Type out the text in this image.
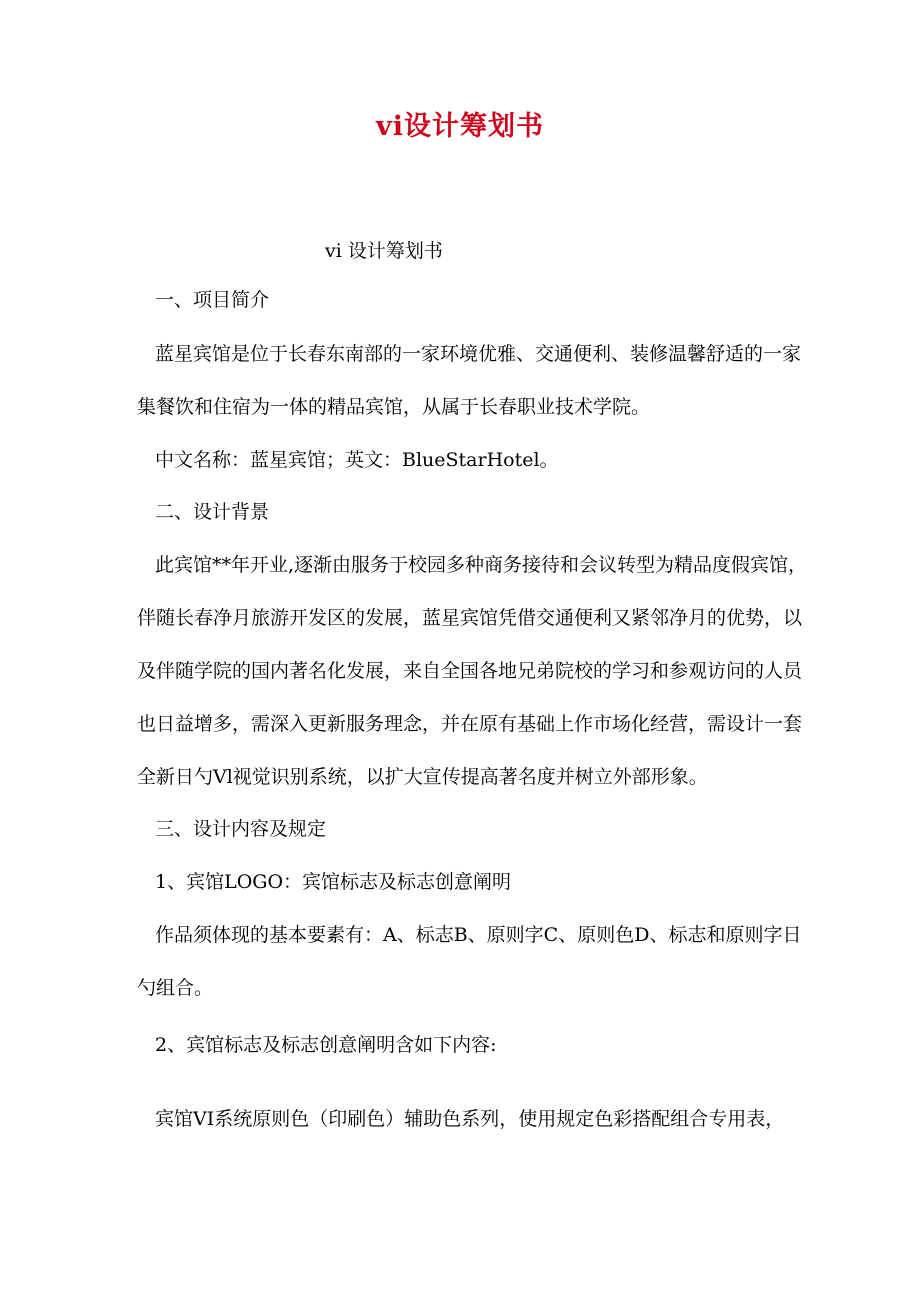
vi设计筹划书
vi 设计筹划书
一、项目简介
蓝星宾馆是位于长春东南部的一家环境优雅、交通便利、装修温馨舒适的一家
集餐饮和住宿为一体的精品宾馆，从属于长春职业技术学院。
中文名称：蓝星宾馆；英文：BlueStarHotel。
二、设计背景
此宾馆**年开业,逐渐由服务于校园多种商务接待和会议转型为精品度假宾馆，
伴随长春净月旅游开发区的发展，蓝星宾馆凭借交通便利又紧邻净月的优势，以
及伴随学院的国内著名化发展，来自全国各地兄弟院校的学习和参观访问的人员
也日益增多，需深入更新服务理念，并在原有基础上作市场化经营，需设计一套
全新日勺Vl视觉识别系统，以扩大宣传提高著名度并树立外部形象。
三、设计内容及规定
1、宾馆LOGO：宾馆标志及标志创意阐明
作品须体现的基本要素有：A、标志B、原则字C、原则色D、标志和原则字日
勺组合。
2、宾馆标志及标志创意阐明含如下内容:
宾馆VI系统原则色（印刷色）辅助色系列，使用规定色彩搭配组合专用表，
